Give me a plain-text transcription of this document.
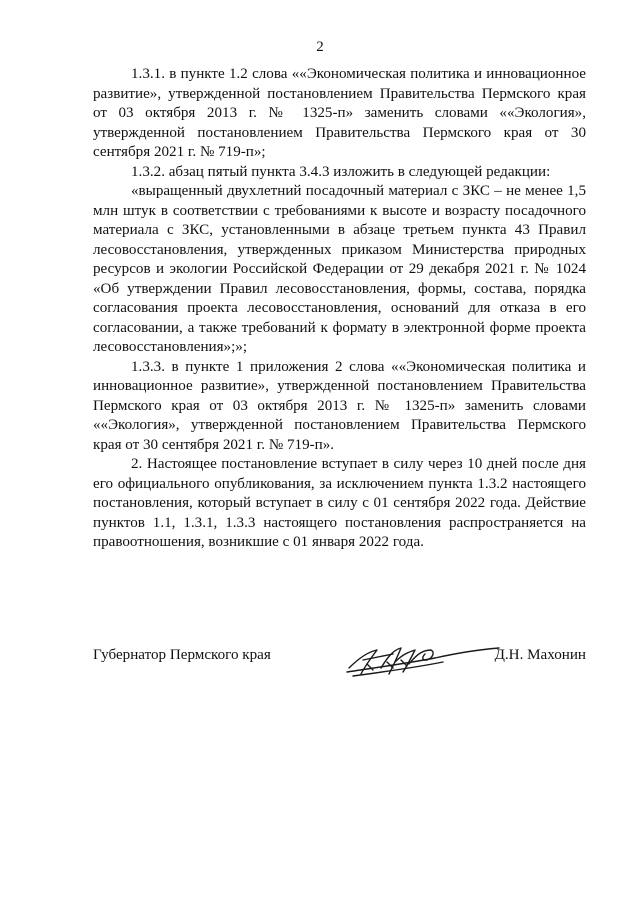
2

1.3.1. в пункте 1.2 слова ««Экономическая политика и инновационное развитие», утвержденной постановлением Правительства Пермского края от 03 октября 2013 г. № 1325-п» заменить словами ««Экология», утвержденной постановлением Правительства Пермского края от 30 сентября 2021 г. № 719-п»;

1.3.2. абзац пятый пункта 3.4.3 изложить в следующей редакции:

«выращенный двухлетний посадочный материал с ЗКС – не менее 1,5 млн штук в соответствии с требованиями к высоте и возрасту посадочного материала с ЗКС, установленными в абзаце третьем пункта 43 Правил лесовосстановления, утвержденных приказом Министерства природных ресурсов и экологии Российской Федерации от 29 декабря 2021 г. № 1024 «Об утверждении Правил лесовосстановления, формы, состава, порядка согласования проекта лесовосстановления, оснований для отказа в его согласовании, а также требований к формату в электронной форме проекта лесовосстановления»;»;

1.3.3. в пункте 1 приложения 2 слова ««Экономическая политика и инновационное развитие», утвержденной постановлением Правительства Пермского края от 03 октября 2013 г. № 1325-п» заменить словами ««Экология», утвержденной постановлением Правительства Пермского края от 30 сентября 2021 г. № 719-п».

2. Настоящее постановление вступает в силу через 10 дней после дня его официального опубликования, за исключением пункта 1.3.2 настоящего постановления, который вступает в силу с 01 сентября 2022 года. Действие пунктов 1.1, 1.3.1, 1.3.3 настоящего постановления распространяется на правоотношения, возникшие с 01 января 2022 года.

Губернатор Пермского края	Д.Н. Махонин
